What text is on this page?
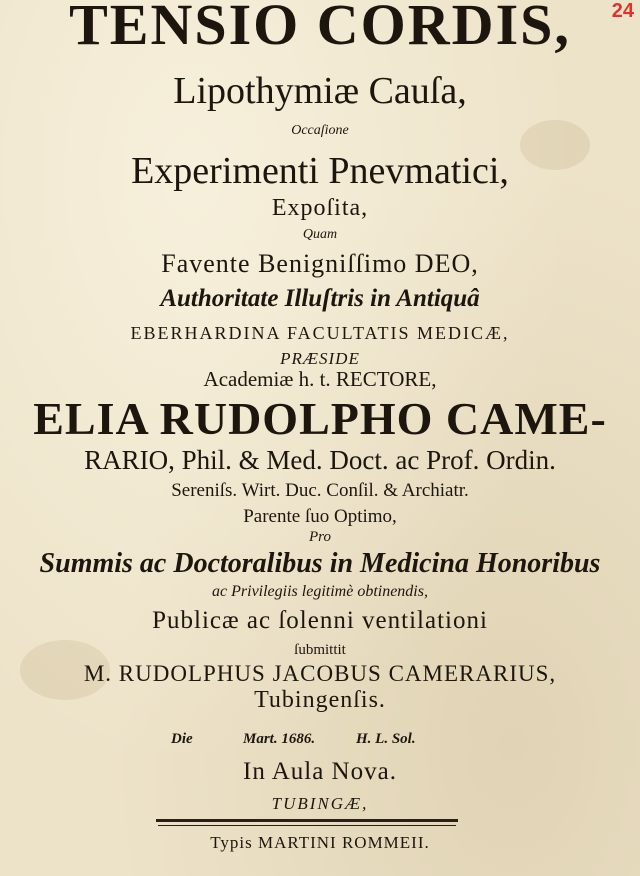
24
TENSIO CORDIS,
Lipothymiæ Cauſa,
Occaſione
Experimenti Pnevmatici,
Expoſita,
Quam
Favente Benigniſſimo DEO,
Authoritate Illuſtris in Antiquâ
EBERHARDINA FACULTATIS MEDICÆ,
PRÆSIDE
Academiæ h. t. RECTORE,
ELIA RUDOLPHO CAME-
RARIO, Phil. & Med. Doct. ac Prof. Ordin.
Sereniſs. Wirt. Duc. Conſil. & Archiatr.
Parente ſuo Optimo,
Pro
Summis ac Doctoralibus in Medicina Honoribus
ac Privilegiis legitimè obtinendis,
Publicæ ac ſolenni ventilationi
ſubmittit
M. RUDOLPHUS JACOBUS CAMERARIUS,
Tubingenſis.
Die	Mart. 1686.	H. L. Sol.
In Aula Nova.
TUBINGÆ,
Typis MARTINI ROMMEII.
